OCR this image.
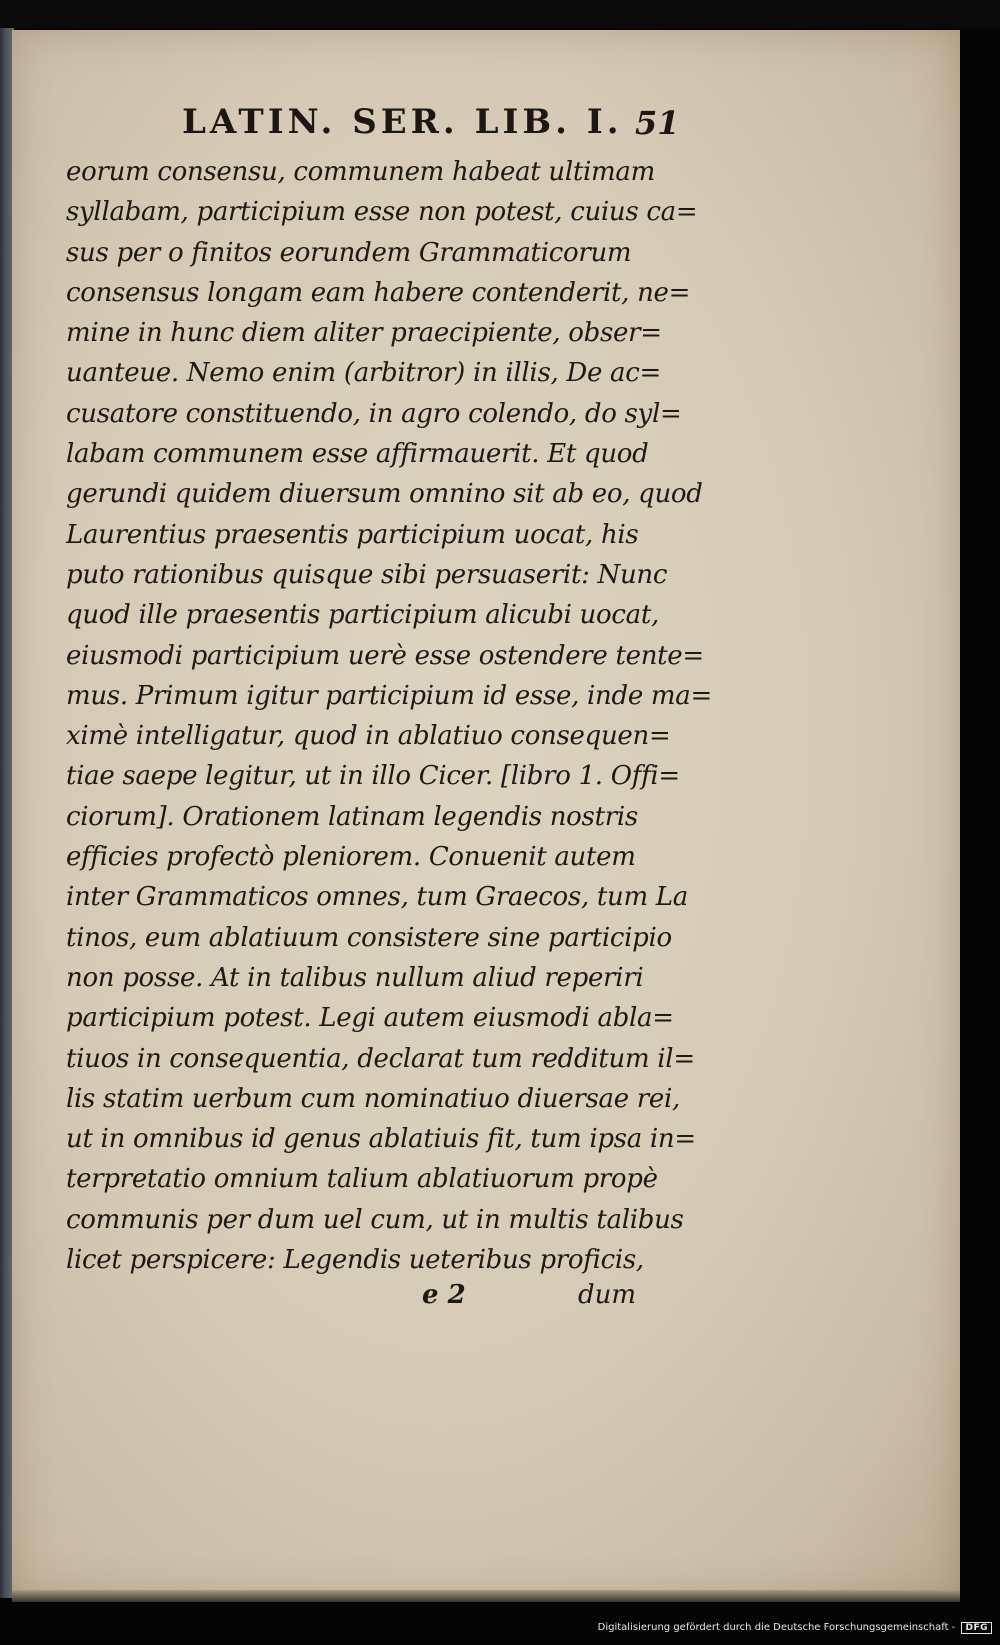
LATIN. SER. LIB. I. 51
eorum consensu, communem habeat ultimam
syllabam, participium esse non potest, cuius ca=
sus per o finitos eorundem Grammaticorum
consensus longam eam habere contenderit, ne=
mine in hunc diem aliter praecipiente, obser=
uanteue. Nemo enim (arbitror) in illis, De ac=
cusatore constituendo, in agro colendo, do syl=
labam communem esse affirmauerit. Et quod
gerundi quidem diuersum omnino sit ab eo, quod
Laurentius praesentis participium uocat, his
puto rationibus quisque sibi persuaserit: Nunc
quod ille praesentis participium alicubi uocat,
eiusmodi participium uerè esse ostendere tente=
mus. Primum igitur participium id esse, inde ma=
ximè intelligatur, quod in ablatiuo consequen=
tiae saepe legitur, ut in illo Cicer. [libro 1. Offi=
ciorum]. Orationem latinam legendis nostris
efficies profectò pleniorem. Conuenit autem
inter Grammaticos omnes, tum Graecos, tum La
tinos, eum ablatiuum consistere sine participio
non posse. At in talibus nullum aliud reperiri
participium potest. Legi autem eiusmodi abla=
tiuos in consequentia, declarat tum redditum il=
lis statim uerbum cum nominatiuo diuersae rei,
ut in omnibus id genus ablatiuis fit, tum ipsa in=
terpretatio omnium talium ablatiuorum propè
communis per dum uel cum, ut in multis talibus
licet perspicere: Legendis ueteribus proficis,
e 2	dum
Digitalisierung gefördert durch die Deutsche Forschungsgemeinschaft - DFG
